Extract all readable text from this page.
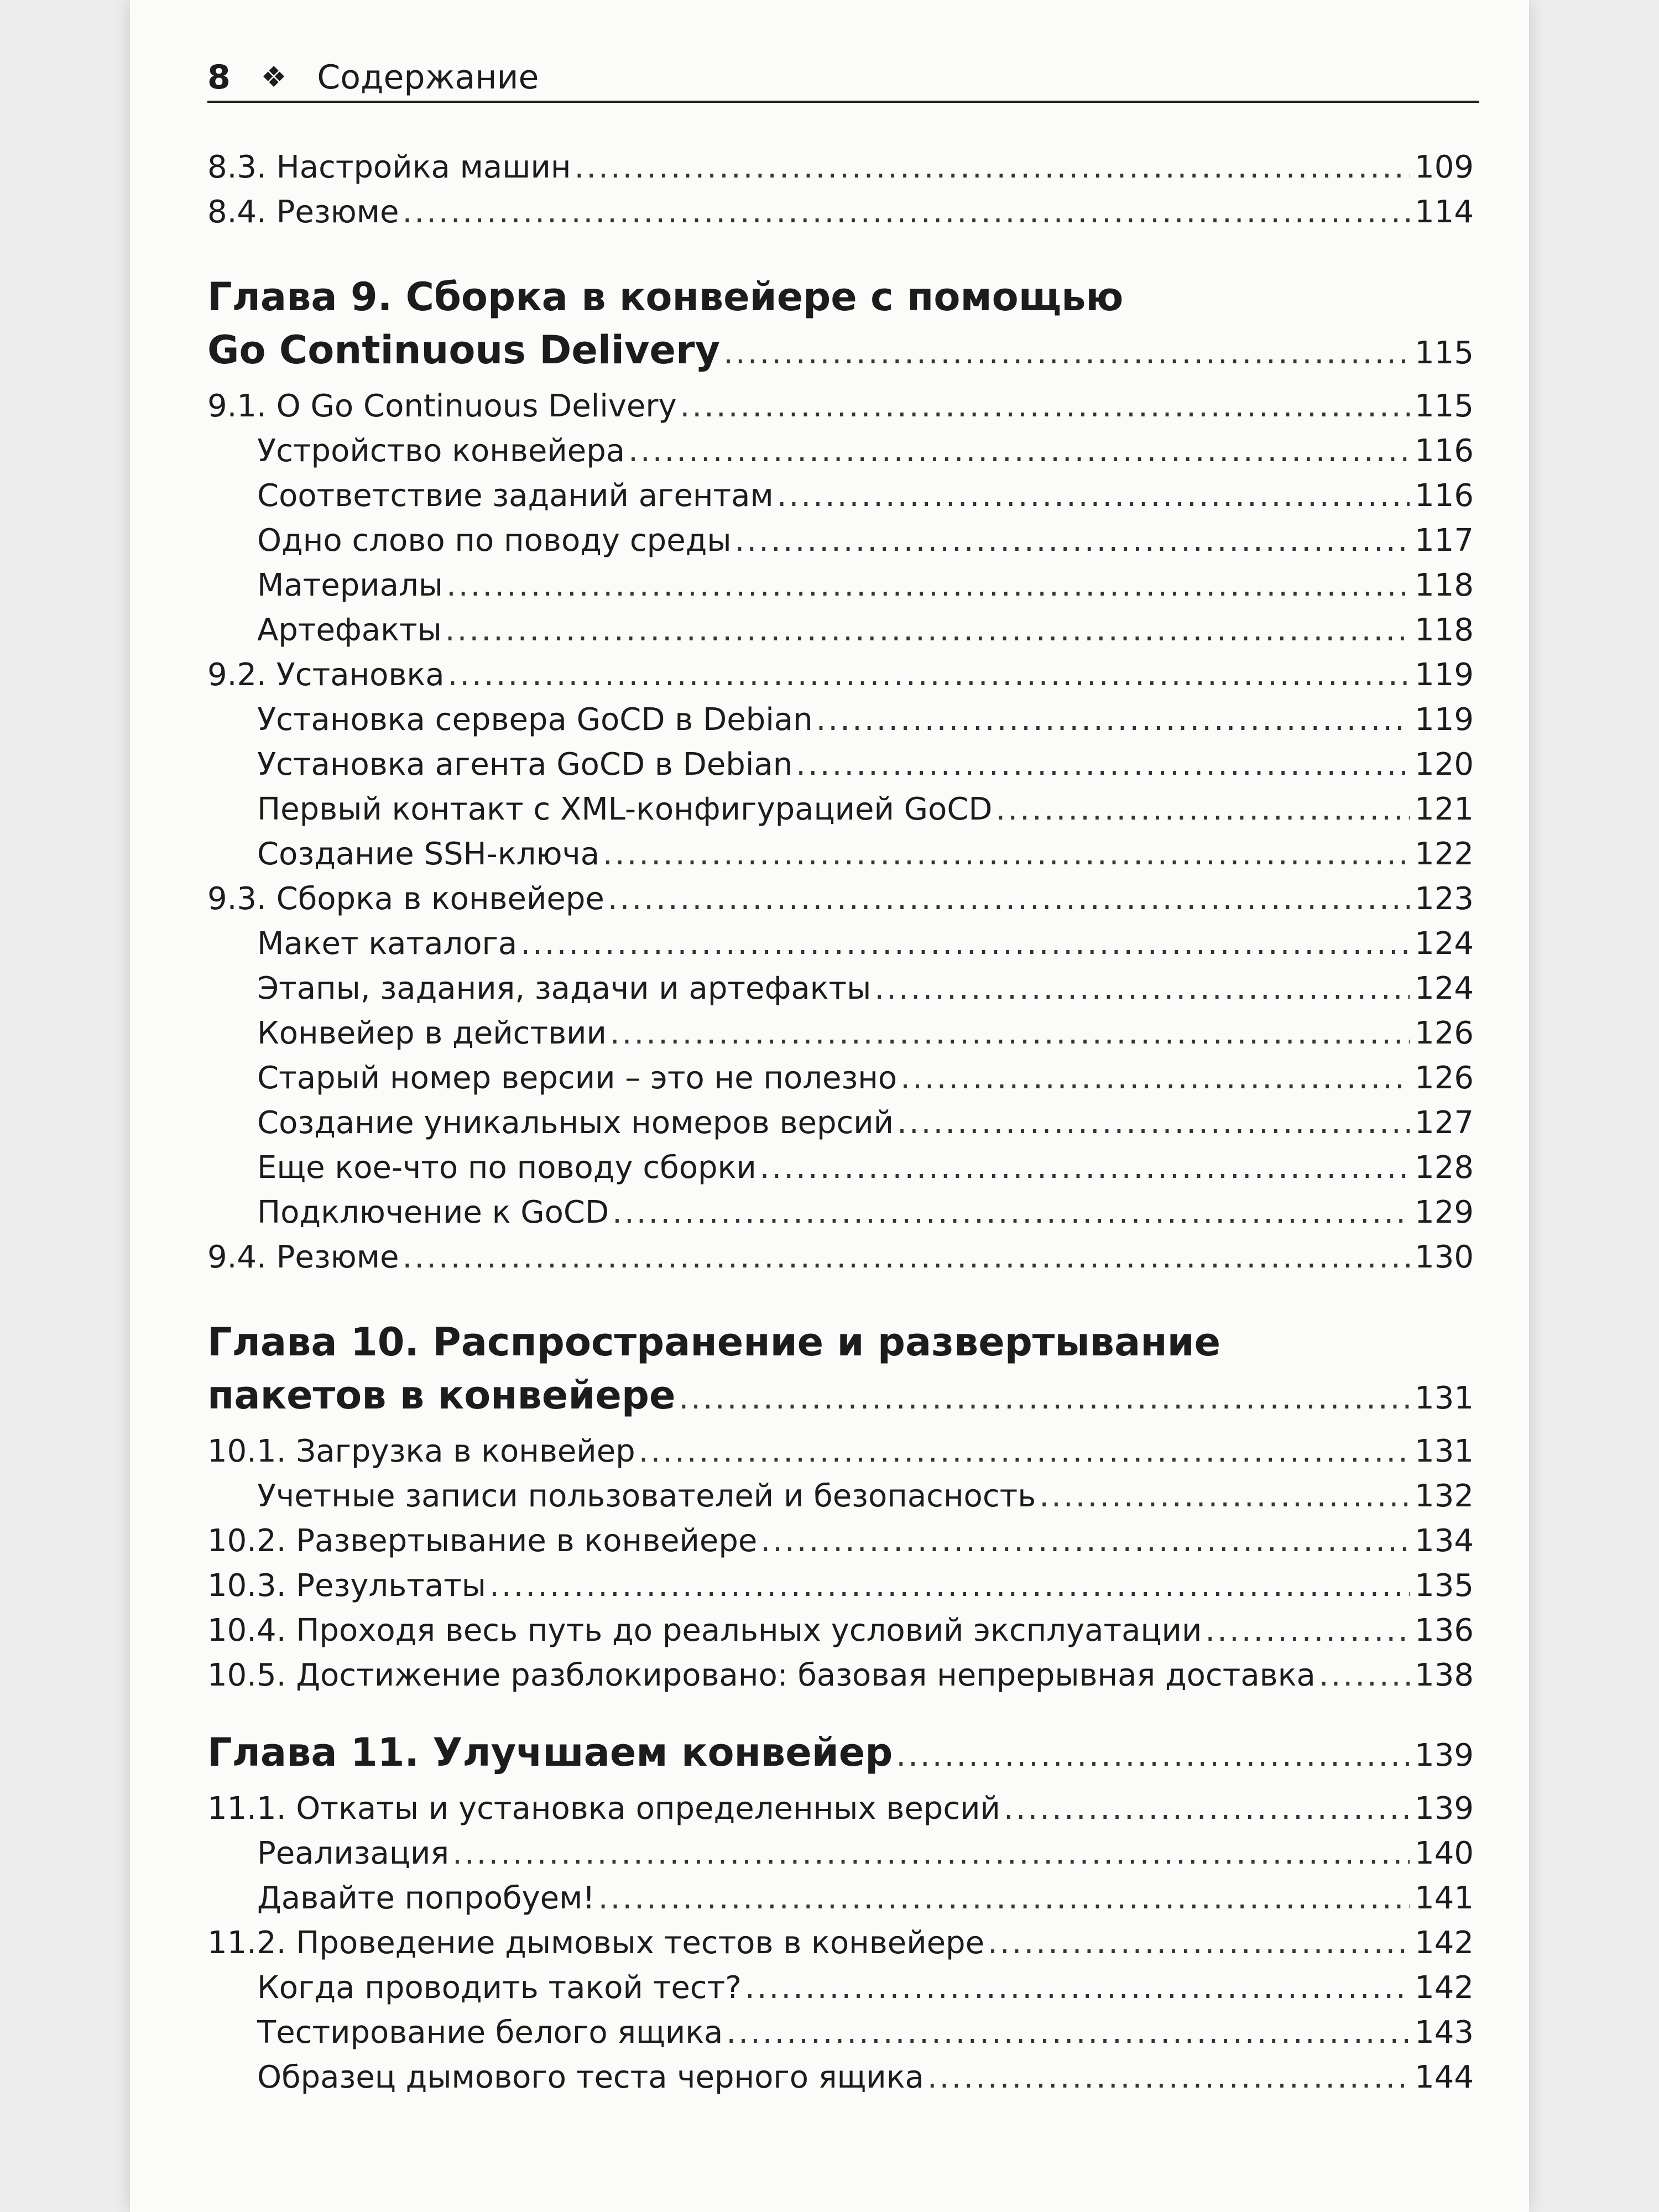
8 ❖ Содержание
8.3. Настройка машин .....	109
8.4. Резюме .....	114
Глава 9. Сборка в конвейере с помощью
Go Continuous Delivery .....	115
9.1. О Go Continuous Delivery .....	115
Устройство конвейера .....	116
Соответствие заданий агентам .....	116
Одно слово по поводу среды .....	117
Материалы .....	118
Артефакты .....	118
9.2. Установка .....	119
Установка сервера GoCD в Debian .....	119
Установка агента GoCD в Debian .....	120
Первый контакт с XML-конфигурацией GoCD .....	121
Создание SSH-ключа .....	122
9.3. Сборка в конвейере .....	123
Макет каталога .....	124
Этапы, задания, задачи и артефакты .....	124
Конвейер в действии .....	126
Старый номер версии – это не полезно .....	126
Создание уникальных номеров версий .....	127
Еще кое-что по поводу сборки .....	128
Подключение к GoCD .....	129
9.4. Резюме .....	130
Глава 10. Распространение и развертывание
пакетов в конвейере .....	131
10.1. Загрузка в конвейер .....	131
Учетные записи пользователей и безопасность .....	132
10.2. Развертывание в конвейере .....	134
10.3. Результаты .....	135
10.4. Проходя весь путь до реальных условий эксплуатации .....	136
10.5. Достижение разблокировано: базовая непрерывная доставка .....	138
Глава 11. Улучшаем конвейер .....	139
11.1. Откаты и установка определенных версий .....	139
Реализация .....	140
Давайте попробуем! .....	141
11.2. Проведение дымовых тестов в конвейере .....	142
Когда проводить такой тест? .....	142
Тестирование белого ящика .....	143
Образец дымового теста черного ящика .....	144
